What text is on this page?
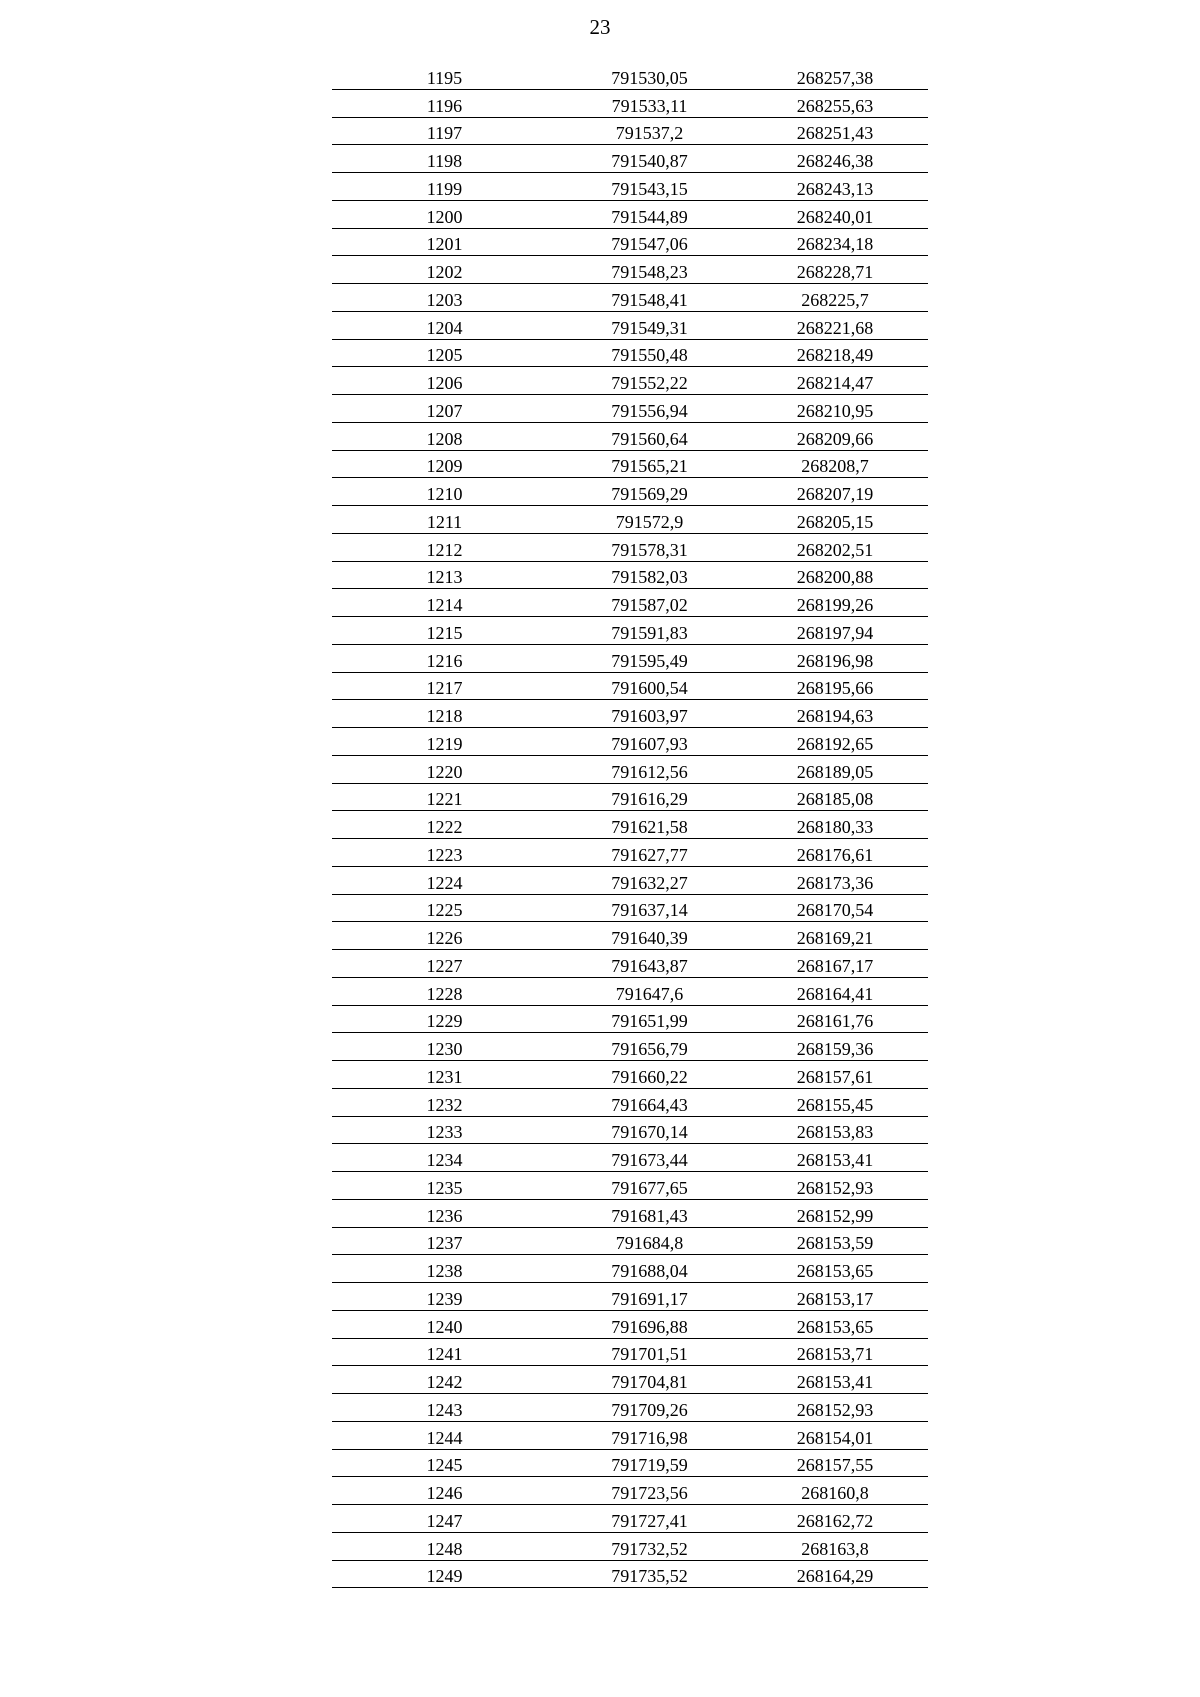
23
1195	791530,05	268257,38
1196	791533,11	268255,63
1197	791537,2	268251,43
1198	791540,87	268246,38
1199	791543,15	268243,13
1200	791544,89	268240,01
1201	791547,06	268234,18
1202	791548,23	268228,71
1203	791548,41	268225,7
1204	791549,31	268221,68
1205	791550,48	268218,49
1206	791552,22	268214,47
1207	791556,94	268210,95
1208	791560,64	268209,66
1209	791565,21	268208,7
1210	791569,29	268207,19
1211	791572,9	268205,15
1212	791578,31	268202,51
1213	791582,03	268200,88
1214	791587,02	268199,26
1215	791591,83	268197,94
1216	791595,49	268196,98
1217	791600,54	268195,66
1218	791603,97	268194,63
1219	791607,93	268192,65
1220	791612,56	268189,05
1221	791616,29	268185,08
1222	791621,58	268180,33
1223	791627,77	268176,61
1224	791632,27	268173,36
1225	791637,14	268170,54
1226	791640,39	268169,21
1227	791643,87	268167,17
1228	791647,6	268164,41
1229	791651,99	268161,76
1230	791656,79	268159,36
1231	791660,22	268157,61
1232	791664,43	268155,45
1233	791670,14	268153,83
1234	791673,44	268153,41
1235	791677,65	268152,93
1236	791681,43	268152,99
1237	791684,8	268153,59
1238	791688,04	268153,65
1239	791691,17	268153,17
1240	791696,88	268153,65
1241	791701,51	268153,71
1242	791704,81	268153,41
1243	791709,26	268152,93
1244	791716,98	268154,01
1245	791719,59	268157,55
1246	791723,56	268160,8
1247	791727,41	268162,72
1248	791732,52	268163,8
1249	791735,52	268164,29
